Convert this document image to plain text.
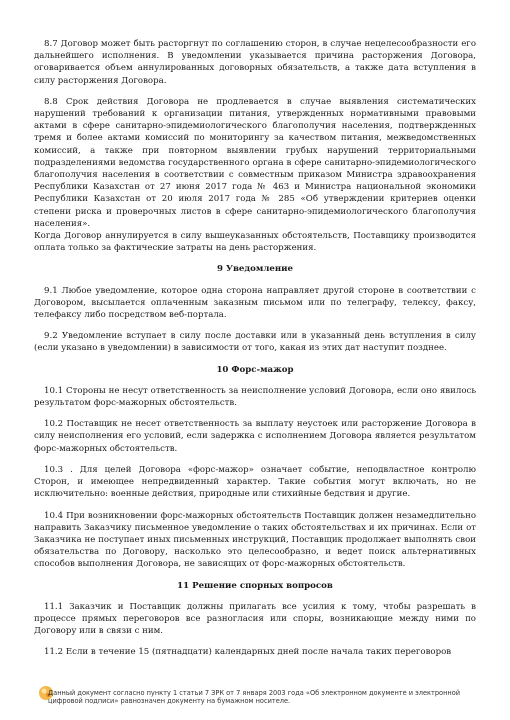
8.7 Договор может быть расторгнут по соглашению сторон, в случае нецелесообразности его дальнейшего исполнения. В уведомлении указывается причина расторжения Договора, оговаривается объем аннулированных договорных обязательств, а также дата вступления в силу расторжения Договора.

8.8 Срок действия Договора не продлевается в случае выявления систематических нарушений требований к организации питания, утвержденных нормативными правовыми актами в сфере санитарно-эпидемиологического благополучия населения, подтвержденных тремя и более актами комиссий по мониторингу за качеством питания, межведомственных комиссий, а также при повторном выявлении грубых нарушений территориальными подразделениями ведомства государственного органа в сфере санитарно-эпидемиологического благополучия населения в соответствии с совместным приказом Министра здравоохранения Республики Казахстан от 27 июня 2017 года № 463 и Министра национальной экономики Республики Казахстан от 20 июля 2017 года № 285 «Об утверждении критериев оценки степени риска и проверочных листов в сфере санитарно-эпидемиологического благополучия населения».

Когда Договор аннулируется в силу вышеуказанных обстоятельств, Поставщику производится оплата только за фактические затраты на день расторжения.

9 Уведомление

9.1 Любое уведомление, которое одна сторона направляет другой стороне в соответствии с Договором, высылается оплаченным заказным письмом или по телеграфу, телексу, факсу, телефаксу либо посредством веб-портала.

9.2 Уведомление вступает в силу после доставки или в указанный день вступления в силу (если указано в уведомлении) в зависимости от того, какая из этих дат наступит позднее.

10 Форс-мажор

10.1 Стороны не несут ответственность за неисполнение условий Договора, если оно явилось результатом форс-мажорных обстоятельств.

10.2 Поставщик не несет ответственность за выплату неустоек или расторжение Договора в силу неисполнения его условий, если задержка с исполнением Договора является результатом форс-мажорных обстоятельств.

10.3 . Для целей Договора «форс-мажор» означает событие, неподвластное контролю Сторон, и имеющее непредвиденный характер. Такие события могут включать, но не исключительно: военные действия, природные или стихийные бедствия и другие.

10.4 При возникновении форс-мажорных обстоятельств Поставщик должен незамедлительно направить Заказчику письменное уведомление о таких обстоятельствах и их причинах. Если от Заказчика не поступает иных письменных инструкций, Поставщик продолжает выполнять свои обязательства по Договору, насколько это целесообразно, и ведет поиск альтернативных способов выполнения Договора, не зависящих от форс-мажорных обстоятельств.

11 Решение спорных вопросов

11.1 Заказчик и Поставщик должны прилагать все усилия к тому, чтобы разрешать в процессе прямых переговоров все разногласия или споры, возникающие между ними по Договору или в связи с ним.

11.2 Если в течение 15 (пятнадцати) календарных дней после начала таких переговоров

Данный документ согласно пункту 1 статьи 7 ЗРК от 7 января 2003 года «Об электронном документе и электронной цифровой подписи» равнозначен документу на бумажном носителе.
